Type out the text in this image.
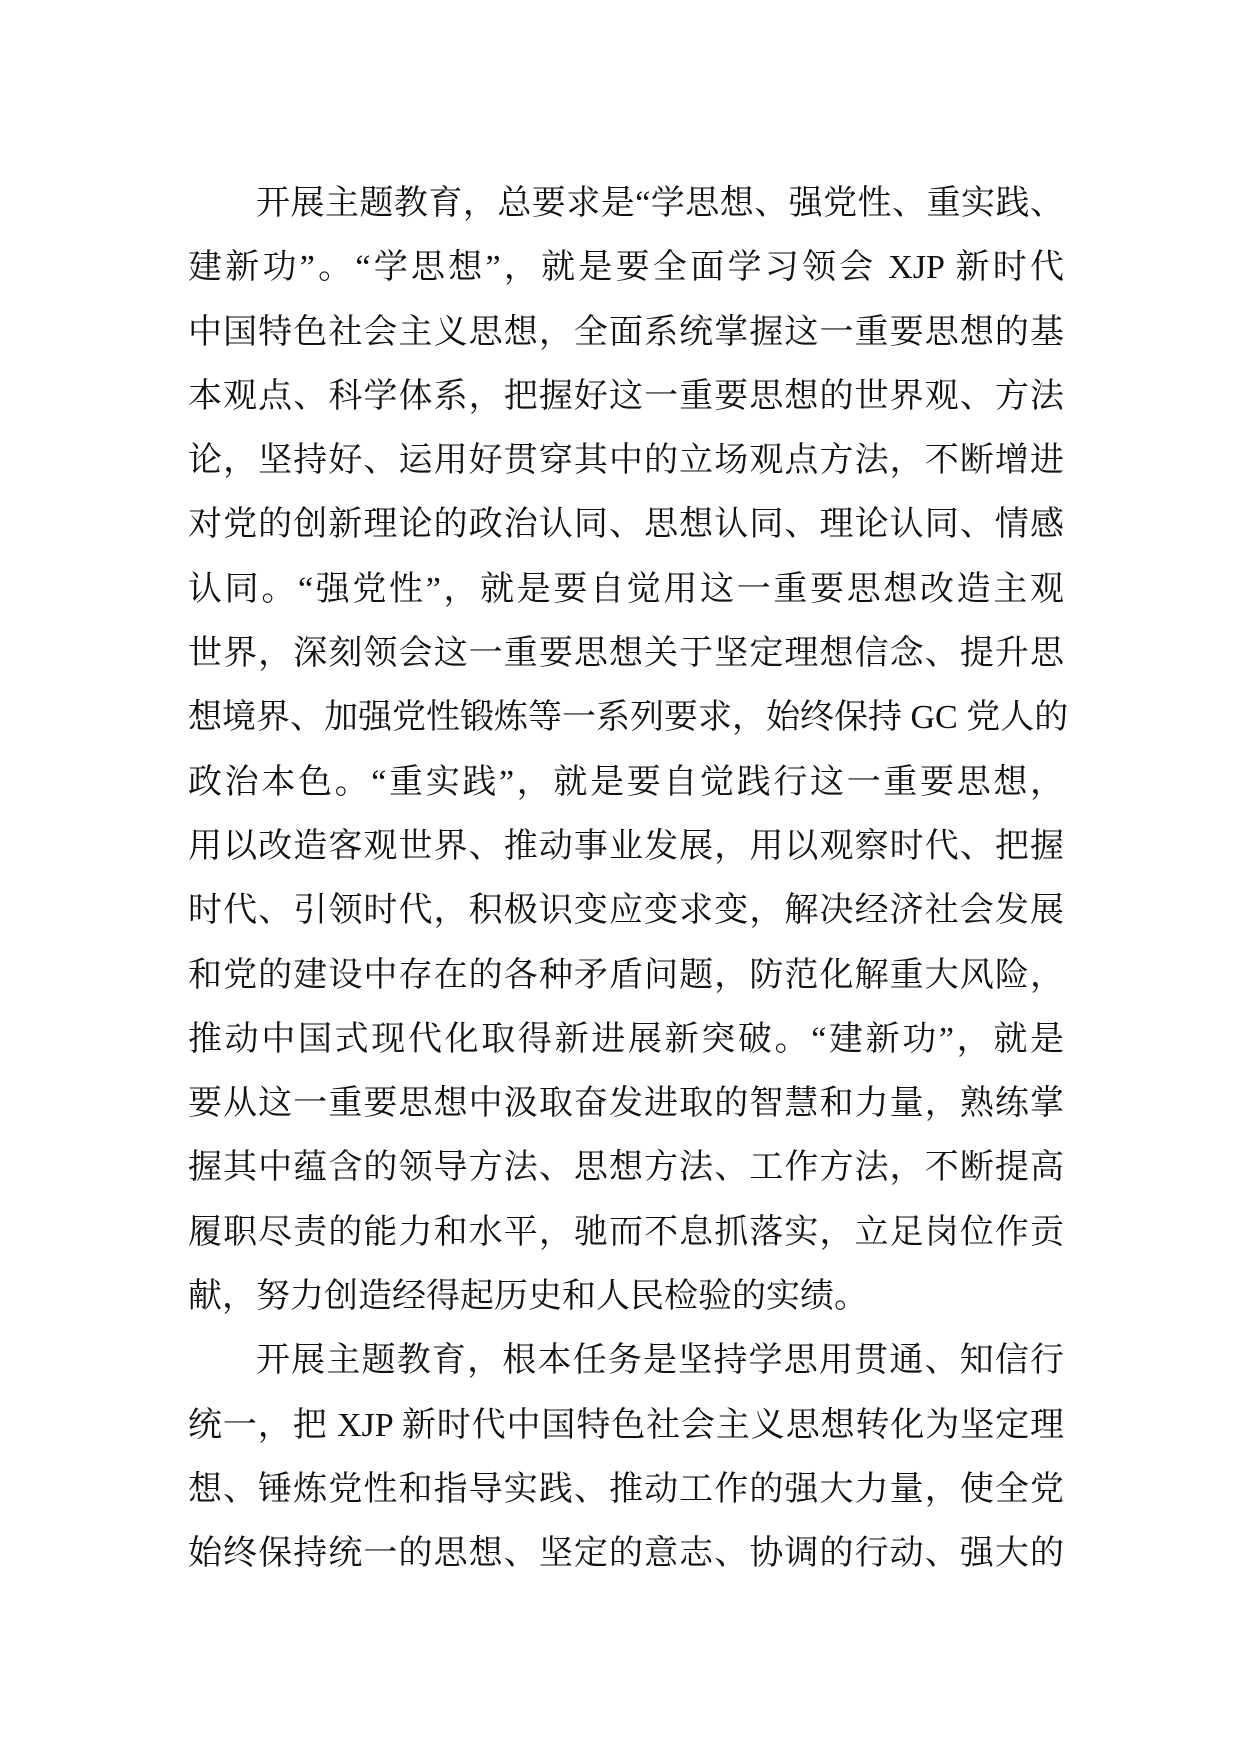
开展主题教育，总要求是“学思想、强党性、重实践、
建新功”。“学思想”，就是要全面学习领会 XJP 新时代
中国特色社会主义思想，全面系统掌握这一重要思想的基
本观点、科学体系，把握好这一重要思想的世界观、方法
论，坚持好、运用好贯穿其中的立场观点方法，不断增进
对党的创新理论的政治认同、思想认同、理论认同、情感
认同。“强党性”，就是要自觉用这一重要思想改造主观
世界，深刻领会这一重要思想关于坚定理想信念、提升思
想境界、加强党性锻炼等一系列要求，始终保持 GC 党人的
政治本色。“重实践”，就是要自觉践行这一重要思想，
用以改造客观世界、推动事业发展，用以观察时代、把握
时代、引领时代，积极识变应变求变，解决经济社会发展
和党的建设中存在的各种矛盾问题，防范化解重大风险，
推动中国式现代化取得新进展新突破。“建新功”，就是
要从这一重要思想中汲取奋发进取的智慧和力量，熟练掌
握其中蕴含的领导方法、思想方法、工作方法，不断提高
履职尽责的能力和水平，驰而不息抓落实，立足岗位作贡
献，努力创造经得起历史和人民检验的实绩。
开展主题教育，根本任务是坚持学思用贯通、知信行
统一，把 XJP 新时代中国特色社会主义思想转化为坚定理
想、锤炼党性和指导实践、推动工作的强大力量，使全党
始终保持统一的思想、坚定的意志、协调的行动、强大的
